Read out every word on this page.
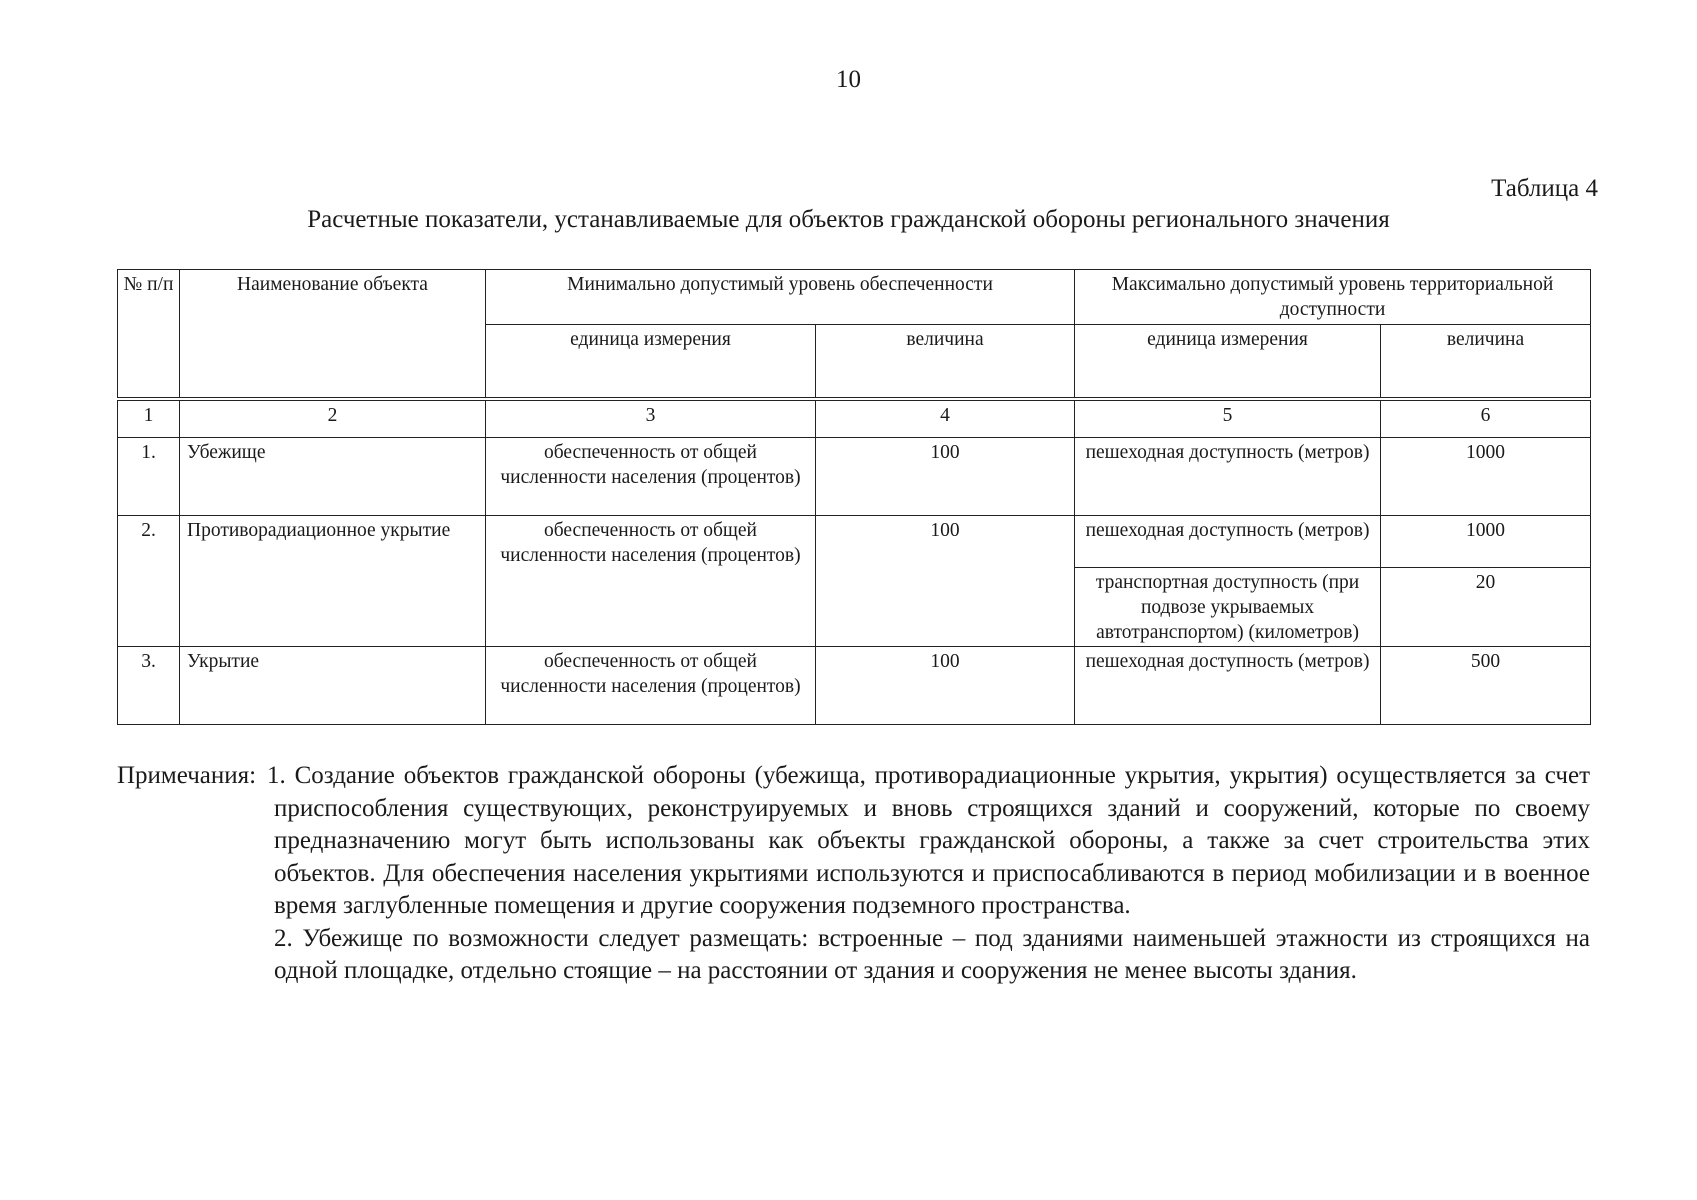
10
Таблица 4
Расчетные показатели, устанавливаемые для объектов гражданской обороны регионального значения
№ п/п	Наименование объекта	Минимально допустимый уровень обеспеченности		Максимально допустимый уровень территориальной доступности	
		единица измерения	величина	единица измерения	величина

1	2	3	4	5	6
1.	Убежище	обеспеченность от общей численности населения (процентов)	100	пешеходная доступность (метров)	1000
2.	Противорадиационное укрытие	обеспеченность от общей численности населения (процентов)	100	пешеходная доступность (метров)	1000
				транспортная доступность (при подвозе укрываемых автотранспортом) (километров)	20
3.	Укрытие	обеспеченность от общей численности населения (процентов)	100	пешеходная доступность (метров)	500
Примечания: 1. Создание объектов гражданской обороны (убежища, противорадиационные укрытия, укрытия) осуществляется за счет приспособления существующих, реконструируемых и вновь строящихся зданий и сооружений, которые по своему предназначению могут быть использованы как объекты гражданской обороны, а также за счет строительства этих объектов. Для обеспечения населения укрытиями используются и приспосабливаются в период мобилизации и в военное время заглубленные помещения и другие сооружения подземного пространства.

2. Убежище по возможности следует размещать: встроенные – под зданиями наименьшей этажности из строящихся на одной площадке, отдельно стоящие – на расстоянии от здания и сооружения не менее высоты здания.
